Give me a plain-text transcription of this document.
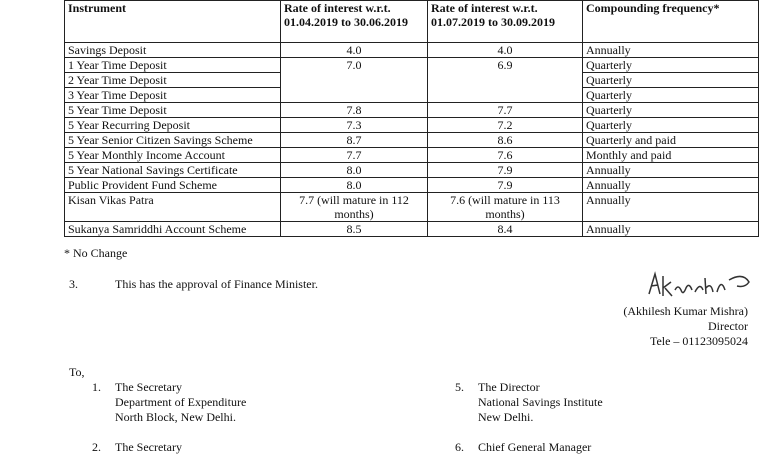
Instrument	Rate of interest w.r.t. 01.04.2019 to 30.06.2019	Rate of interest w.r.t. 01.07.2019 to 30.09.2019	Compounding frequency*
Savings Deposit	4.0	4.0	Annually
1 Year Time Deposit	7.0	6.9	Quarterly
2 Year Time Deposit			Quarterly
3 Year Time Deposit			Quarterly
5 Year Time Deposit	7.8	7.7	Quarterly
5 Year Recurring Deposit	7.3	7.2	Quarterly
5 Year Senior Citizen Savings Scheme	8.7	8.6	Quarterly and paid
5 Year Monthly Income Account	7.7	7.6	Monthly and paid
5 Year National Savings Certificate	8.0	7.9	Annually
Public Provident Fund Scheme	8.0	7.9	Annually
Kisan Vikas Patra	7.7 (will mature in 112 months)	7.6 (will mature in 113 months)	Annually
Sukanya Samriddhi Account Scheme	8.5	8.4	Annually
* No Change
3.	This has the approval of Finance Minister.
(Akhilesh Kumar Mishra)
Director
Tele – 01123095024
To,
1. The Secretary
Department of Expenditure
North Block, New Delhi.
2. The Secretary
5. The Director
National Savings Institute
New Delhi.
6. Chief General Manager
